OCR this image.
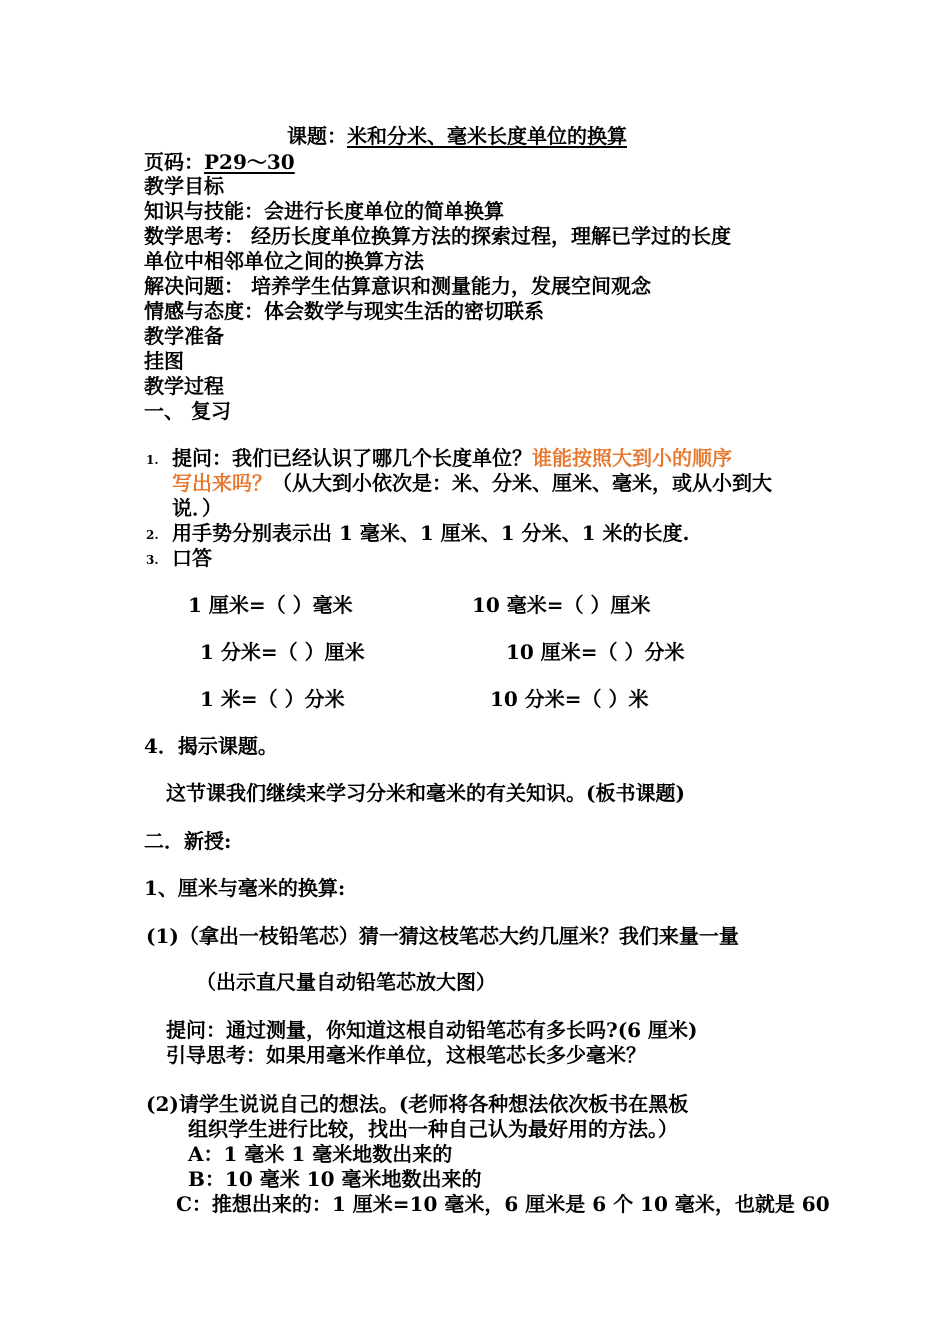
课题：米和分米、毫米长度单位的换算
页码：P29～30
教学目标
知识与技能：会进行长度单位的简单换算
数学思考： 经历长度单位换算方法的探索过程，理解已学过的长度
单位中相邻单位之间的换算方法
解决问题： 培养学生估算意识和测量能力，发展空间观念
情感与态度：体会数学与现实生活的密切联系
教学准备
挂图
教学过程
一、 复习
1. 提问：我们已经认识了哪几个长度单位？谁能按照大到小的顺序
写出来吗？（从大到小依次是：米、分米、厘米、毫米，或从小到大
说．）
2. 用手势分别表示出 1 毫米、1 厘米、1 分米、1 米的长度.
3. 口答
1 厘米=（ ）毫米	10 毫米=（ ）厘米
1 分米=（ ）厘米	10 厘米=（ ）分米
1 米=（ ）分米	10 分米=（ ）米
4．揭示课题。
这节课我们继续来学习分米和毫米的有关知识。(板书课题)
二．新授:
1、厘米与毫米的换算:
(1)（拿出一枝铅笔芯）猜一猜这枝笔芯大约几厘米？我们来量一量
（出示直尺量自动铅笔芯放大图）
提问：通过测量，你知道这根自动铅笔芯有多长吗?(6 厘米)
引导思考：如果用毫米作单位，这根笔芯长多少毫米？
(2)请学生说说自己的想法。(老师将各种想法依次板书在黑板
组织学生进行比较，找出一种自己认为最好用的方法。）
A：1 毫米 1 毫米地数出来的
B：10 毫米 10 毫米地数出来的
C：推想出来的：1 厘米=10 毫米，6 厘米是 6 个 10 毫米，也就是 60
